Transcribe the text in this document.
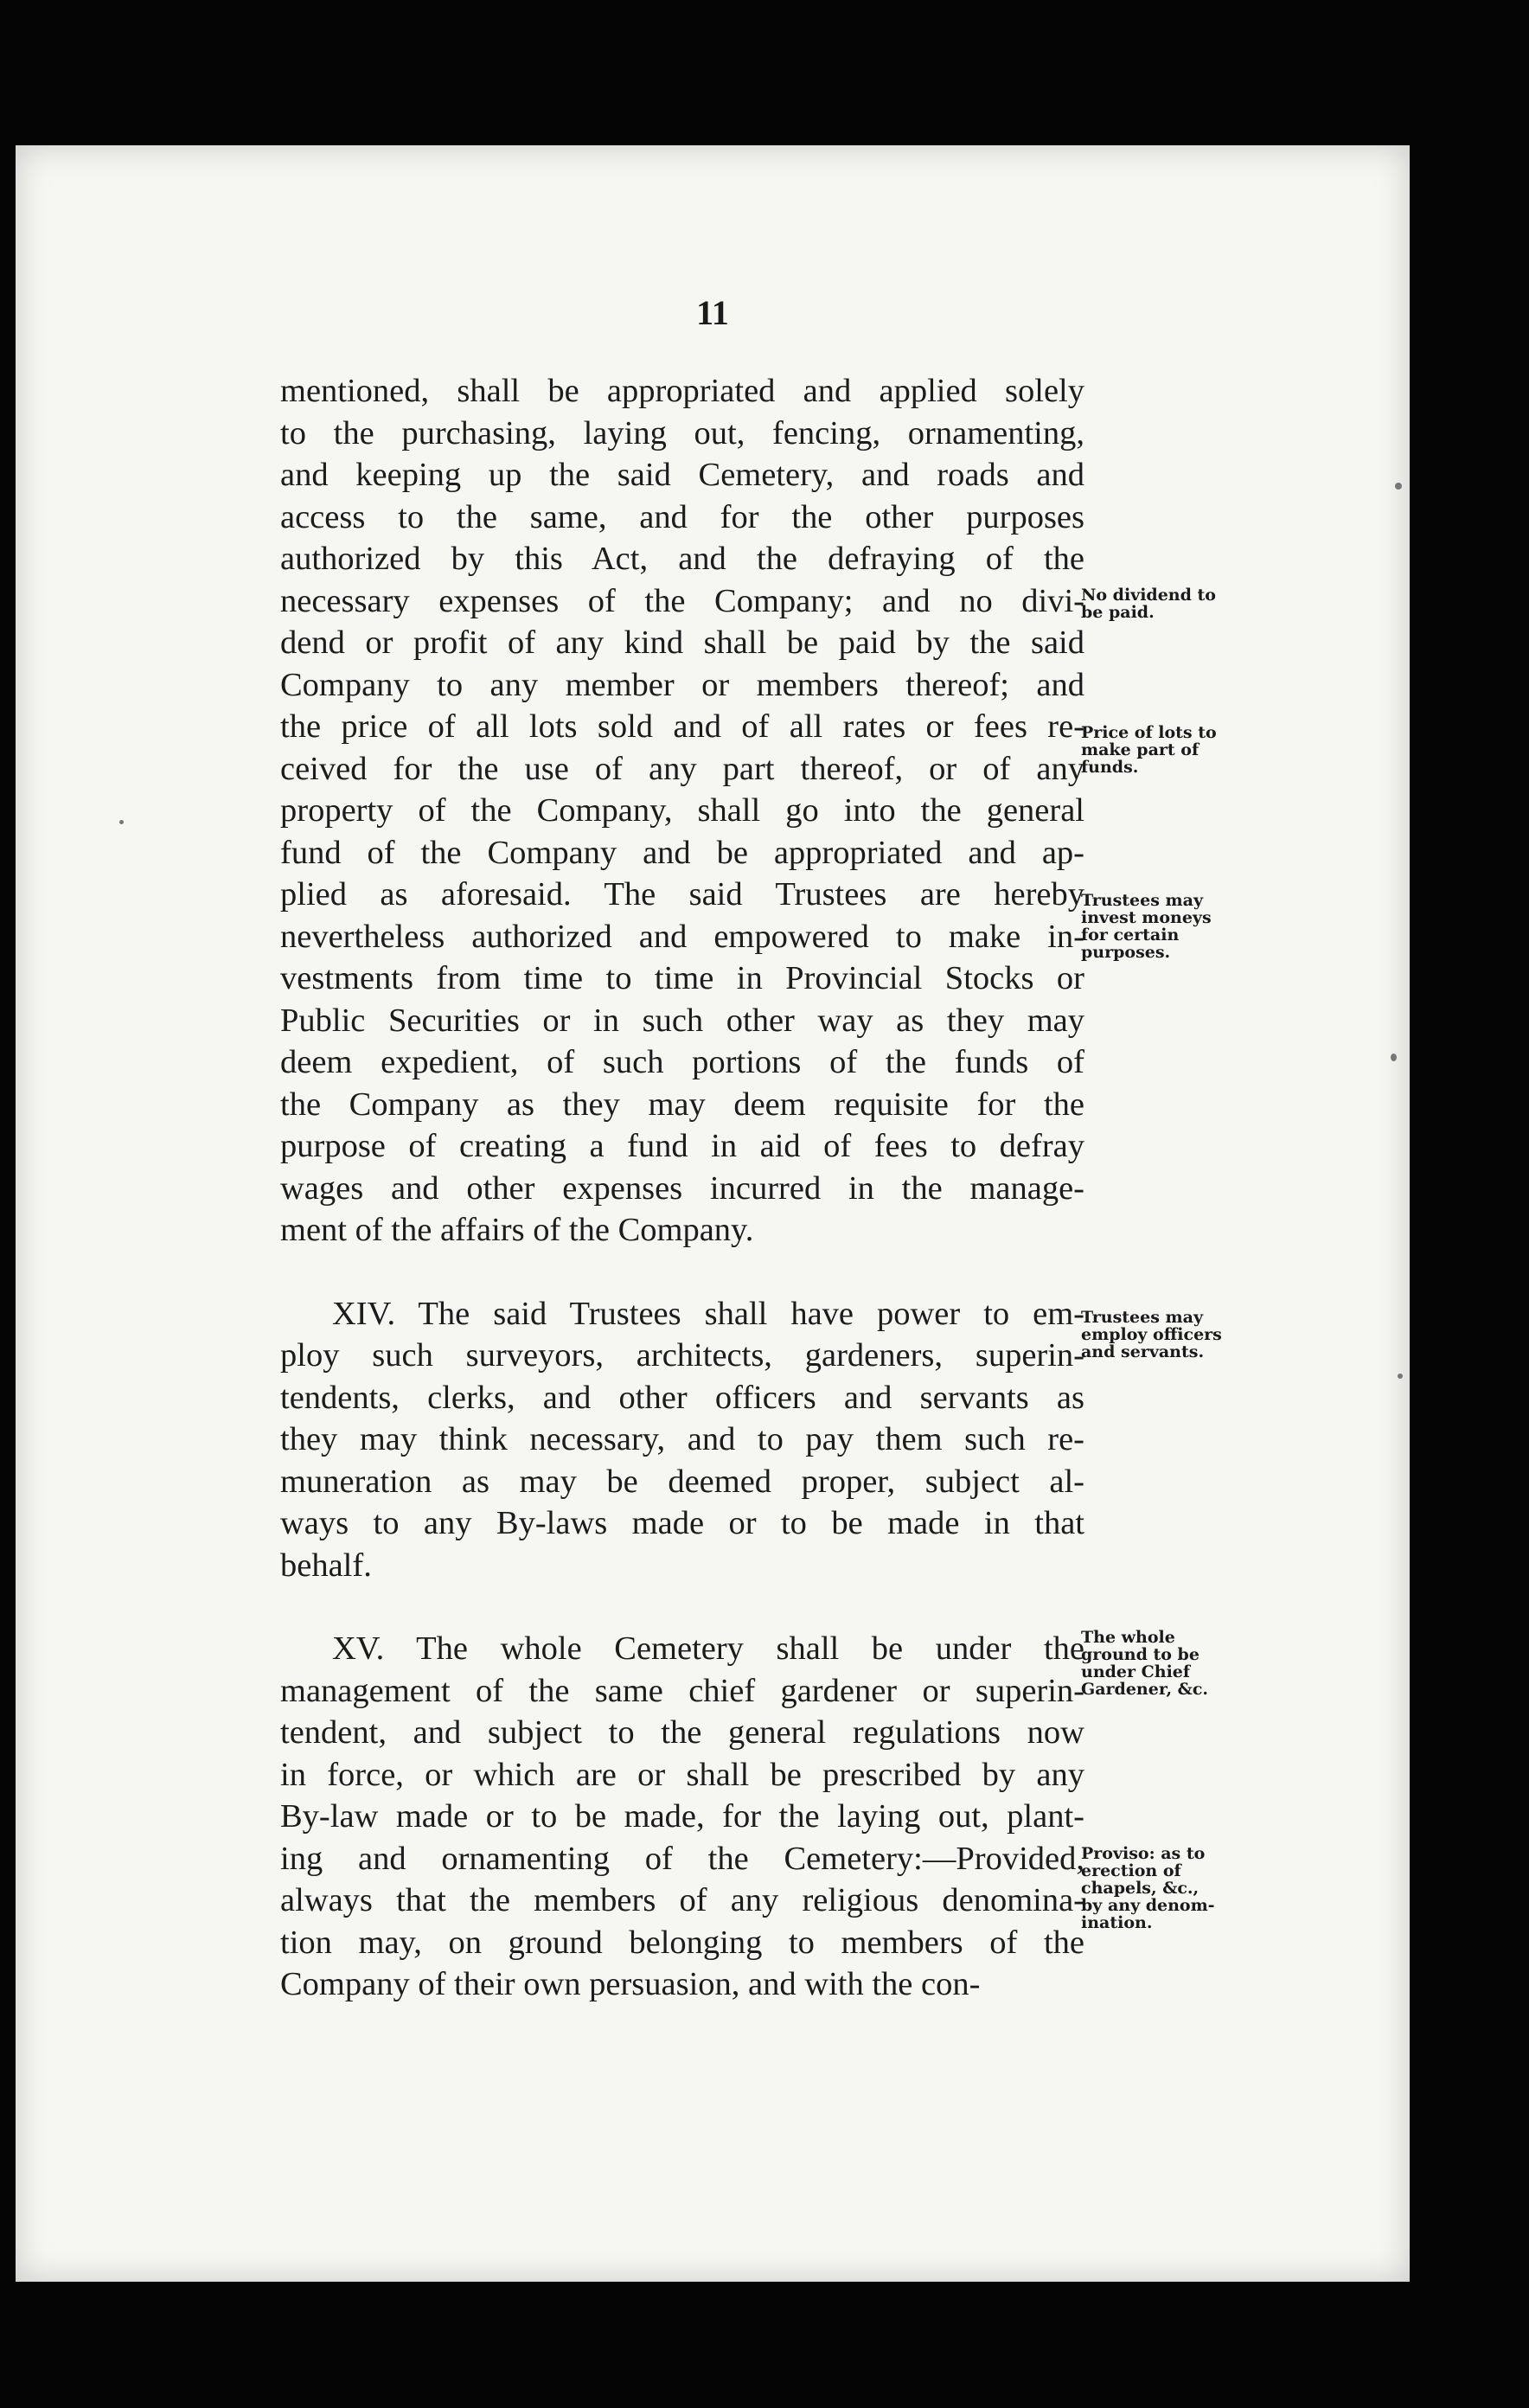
11
mentioned, shall be appropriated and applied solely
to the purchasing, laying out, fencing, ornamenting,
and keeping up the said Cemetery, and roads and
access to the same, and for the other purposes
authorized by this Act, and the defraying of the
necessary expenses of the Company; and no divi-
dend or profit of any kind shall be paid by the said
Company to any member or members thereof; and
the price of all lots sold and of all rates or fees re-
ceived for the use of any part thereof, or of any
property of the Company, shall go into the general
fund of the Company and be appropriated and ap-
plied as aforesaid. The said Trustees are hereby
nevertheless authorized and empowered to make in-
vestments from time to time in Provincial Stocks or
Public Securities or in such other way as they may
deem expedient, of such portions of the funds of
the Company as they may deem requisite for the
purpose of creating a fund in aid of fees to defray
wages and other expenses incurred in the manage-
ment of the affairs of the Company.
XIV. The said Trustees shall have power to em-
ploy such surveyors, architects, gardeners, superin-
tendents, clerks, and other officers and servants as
they may think necessary, and to pay them such re-
muneration as may be deemed proper, subject al-
ways to any By-laws made or to be made in that
behalf.
XV. The whole Cemetery shall be under the
management of the same chief gardener or superin-
tendent, and subject to the general regulations now
in force, or which are or shall be prescribed by any
By-law made or to be made, for the laying out, plant-
ing and ornamenting of the Cemetery:—Provided,
always that the members of any religious denomina-
tion may, on ground belonging to members of the
Company of their own persuasion, and with the con-
No dividend to
be paid.
Price of lots to
make part of
funds.
Trustees may
invest moneys
for certain
purposes.
Trustees may
employ officers
and servants.
The whole
ground to be
under Chief
Gardener, &c.
Proviso: as to
erection of
chapels, &c.,
by any denom-
ination.
